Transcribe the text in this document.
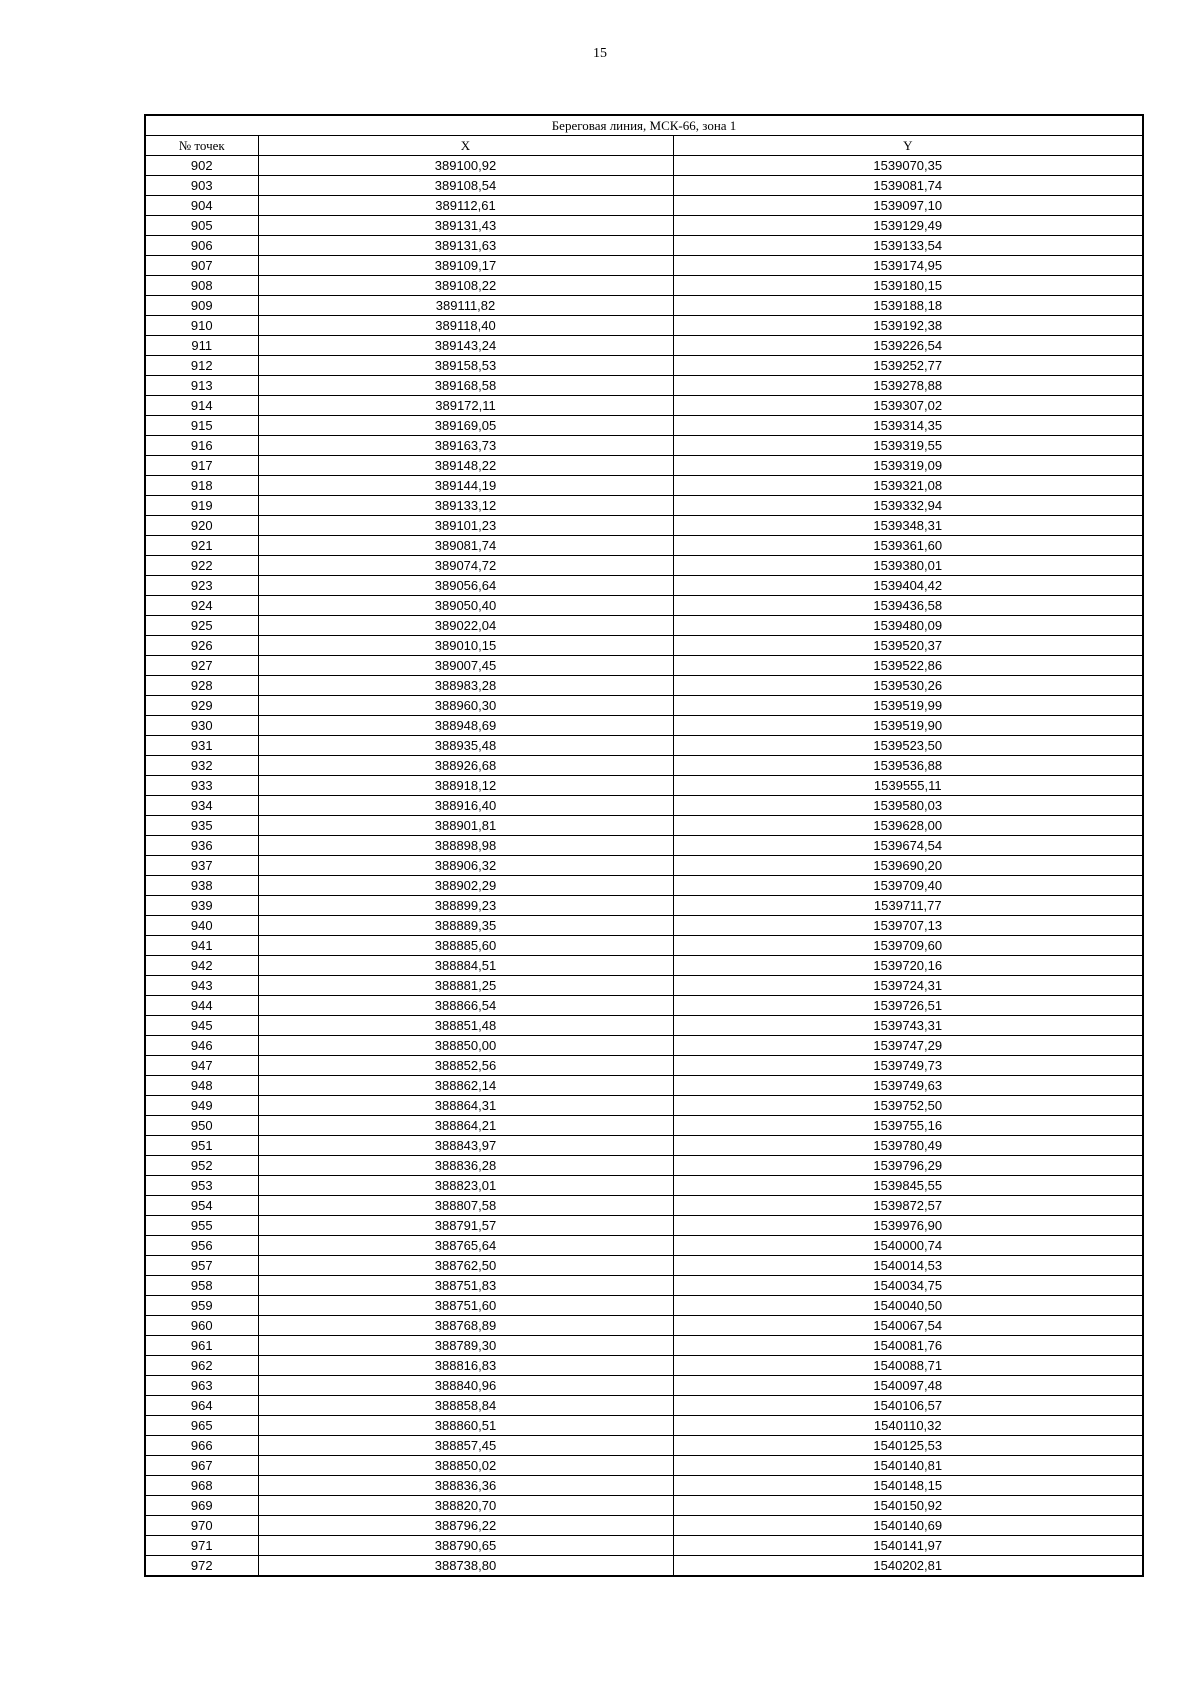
15
Береговая линия, МСК-66, зона 1		
№ точек	X	Y
902	389100,92	1539070,35
903	389108,54	1539081,74
904	389112,61	1539097,10
905	389131,43	1539129,49
906	389131,63	1539133,54
907	389109,17	1539174,95
908	389108,22	1539180,15
909	389111,82	1539188,18
910	389118,40	1539192,38
911	389143,24	1539226,54
912	389158,53	1539252,77
913	389168,58	1539278,88
914	389172,11	1539307,02
915	389169,05	1539314,35
916	389163,73	1539319,55
917	389148,22	1539319,09
918	389144,19	1539321,08
919	389133,12	1539332,94
920	389101,23	1539348,31
921	389081,74	1539361,60
922	389074,72	1539380,01
923	389056,64	1539404,42
924	389050,40	1539436,58
925	389022,04	1539480,09
926	389010,15	1539520,37
927	389007,45	1539522,86
928	388983,28	1539530,26
929	388960,30	1539519,99
930	388948,69	1539519,90
931	388935,48	1539523,50
932	388926,68	1539536,88
933	388918,12	1539555,11
934	388916,40	1539580,03
935	388901,81	1539628,00
936	388898,98	1539674,54
937	388906,32	1539690,20
938	388902,29	1539709,40
939	388899,23	1539711,77
940	388889,35	1539707,13
941	388885,60	1539709,60
942	388884,51	1539720,16
943	388881,25	1539724,31
944	388866,54	1539726,51
945	388851,48	1539743,31
946	388850,00	1539747,29
947	388852,56	1539749,73
948	388862,14	1539749,63
949	388864,31	1539752,50
950	388864,21	1539755,16
951	388843,97	1539780,49
952	388836,28	1539796,29
953	388823,01	1539845,55
954	388807,58	1539872,57
955	388791,57	1539976,90
956	388765,64	1540000,74
957	388762,50	1540014,53
958	388751,83	1540034,75
959	388751,60	1540040,50
960	388768,89	1540067,54
961	388789,30	1540081,76
962	388816,83	1540088,71
963	388840,96	1540097,48
964	388858,84	1540106,57
965	388860,51	1540110,32
966	388857,45	1540125,53
967	388850,02	1540140,81
968	388836,36	1540148,15
969	388820,70	1540150,92
970	388796,22	1540140,69
971	388790,65	1540141,97
972	388738,80	1540202,81
